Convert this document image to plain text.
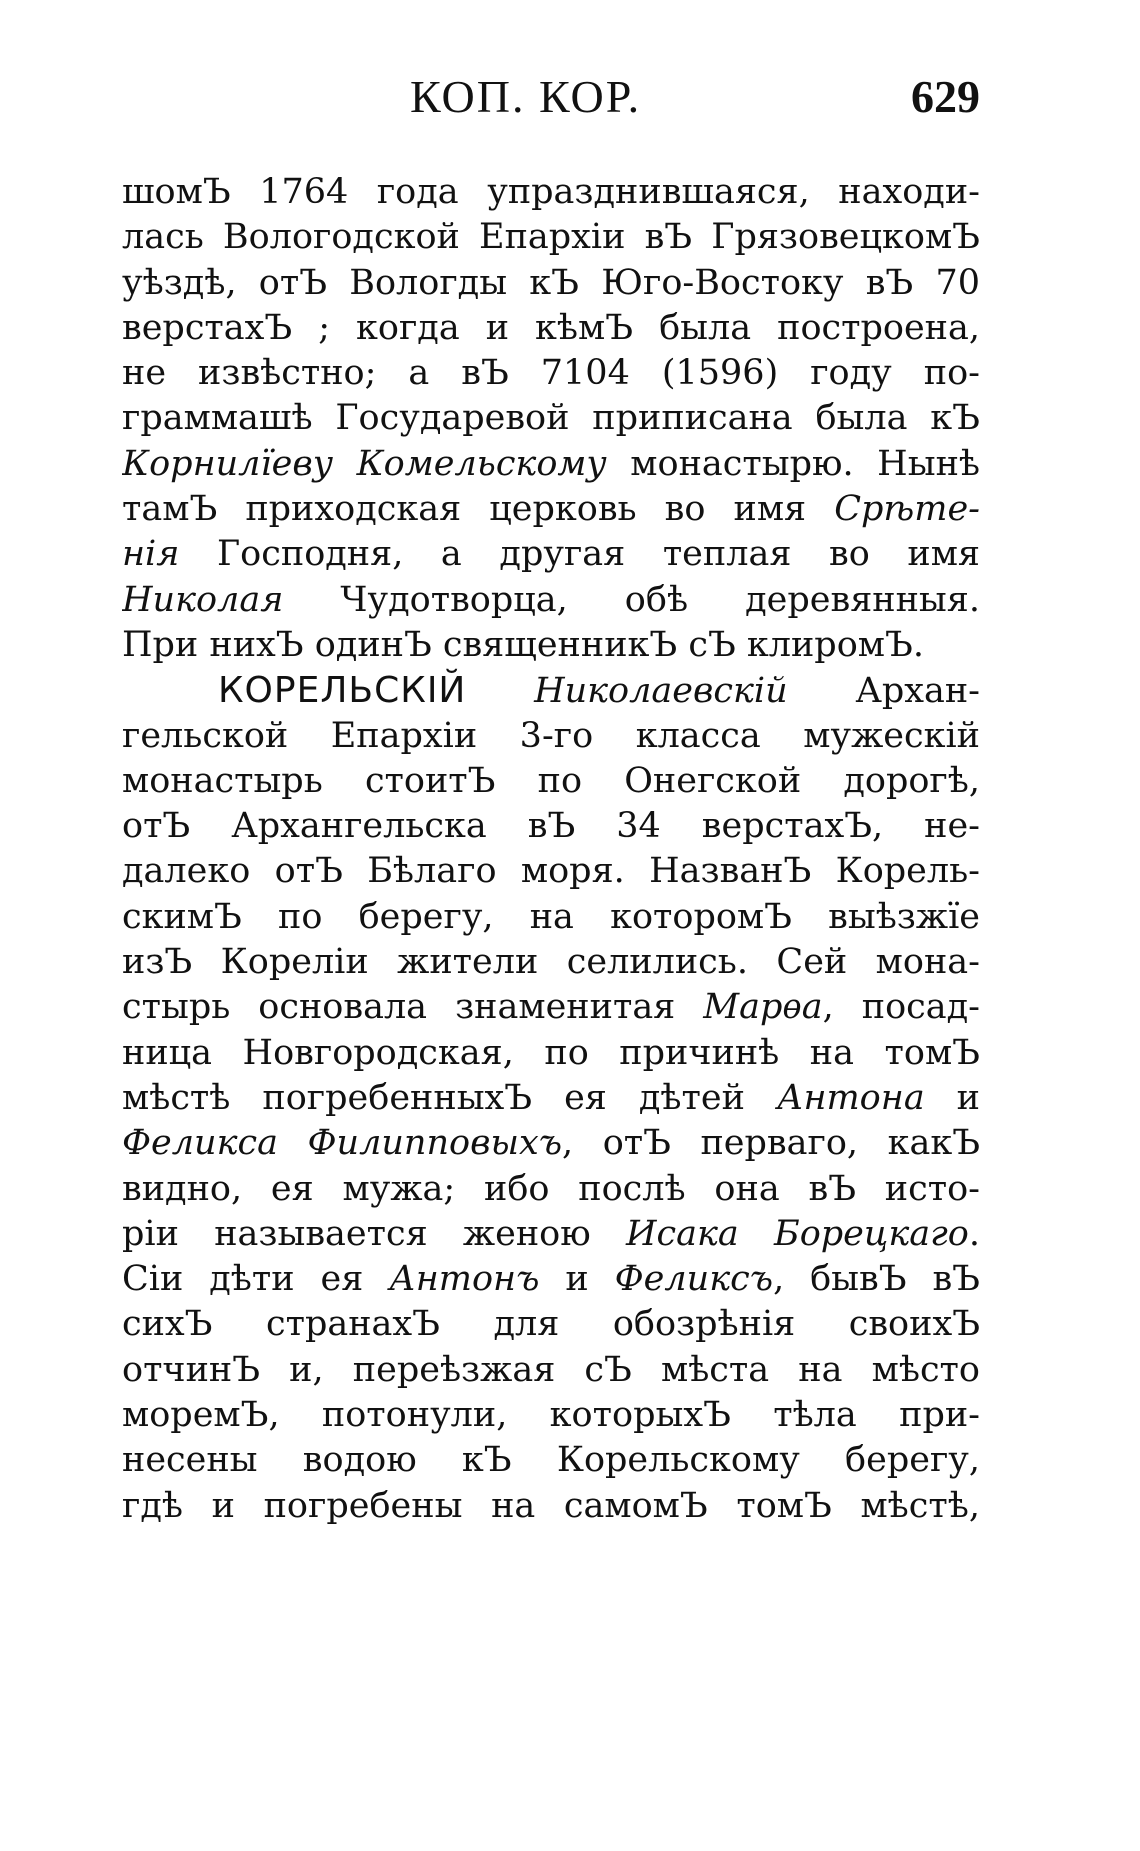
КОП. КОР.	629
шомЪ 1764 года упразднившаяся, находи-
лась Вологодской Епархіи вЪ ГрязовецкомЪ
уѣздѣ, отЪ Вологды кЪ Юго-Востоку вЪ 70
верстахЪ ; когда и кѣмЪ была построена,
не извѣстно; а вЪ 7104 (1596) году по-
граммашѣ Государевой приписана была кЪ
Корнилїеву Комельскому монастырю. Нынѣ
тамЪ приходская церковь во имя Срѣте-
нія Господня, а другая теплая во имя
Николая Чудотворца, обѣ деревянныя.
При нихЪ одинЪ священникЪ сЪ клиромЪ.
КОРЕЛЬСКІЙ Николаевскій Архан-
гельской Епархіи 3-го класса мужескій
монастырь стоитЪ по Онегской дорогѣ,
отЪ Архангельска вЪ 34 верстахЪ, не-
далеко отЪ Бѣлаго моря. НазванЪ Корель-
скимЪ по берегу, на которомЪ выѣзжїе
изЪ Кореліи жители селились. Сей мона-
стырь основала знаменитая Марѳа, посад-
ница Новгородская, по причинѣ на томЪ
мѣстѣ погребенныхЪ ея дѣтей Антона и
Феликса Филипповыхъ, отЪ перваго, какЪ
видно, ея мужа; ибо послѣ она вЪ исто-
ріи называется женою Исака Борецкаго.
Сіи дѣти ея Антонъ и Феликсъ, бывЪ вЪ
сихЪ странахЪ для обозрѣнія своихЪ
отчинЪ и, переѣзжая сЪ мѣста на мѣсто
моремЪ, потонули, которыхЪ тѣла при-
несены водою кЪ Корельскому берегу,
гдѣ и погребены на самомЪ томЪ мѣстѣ,
